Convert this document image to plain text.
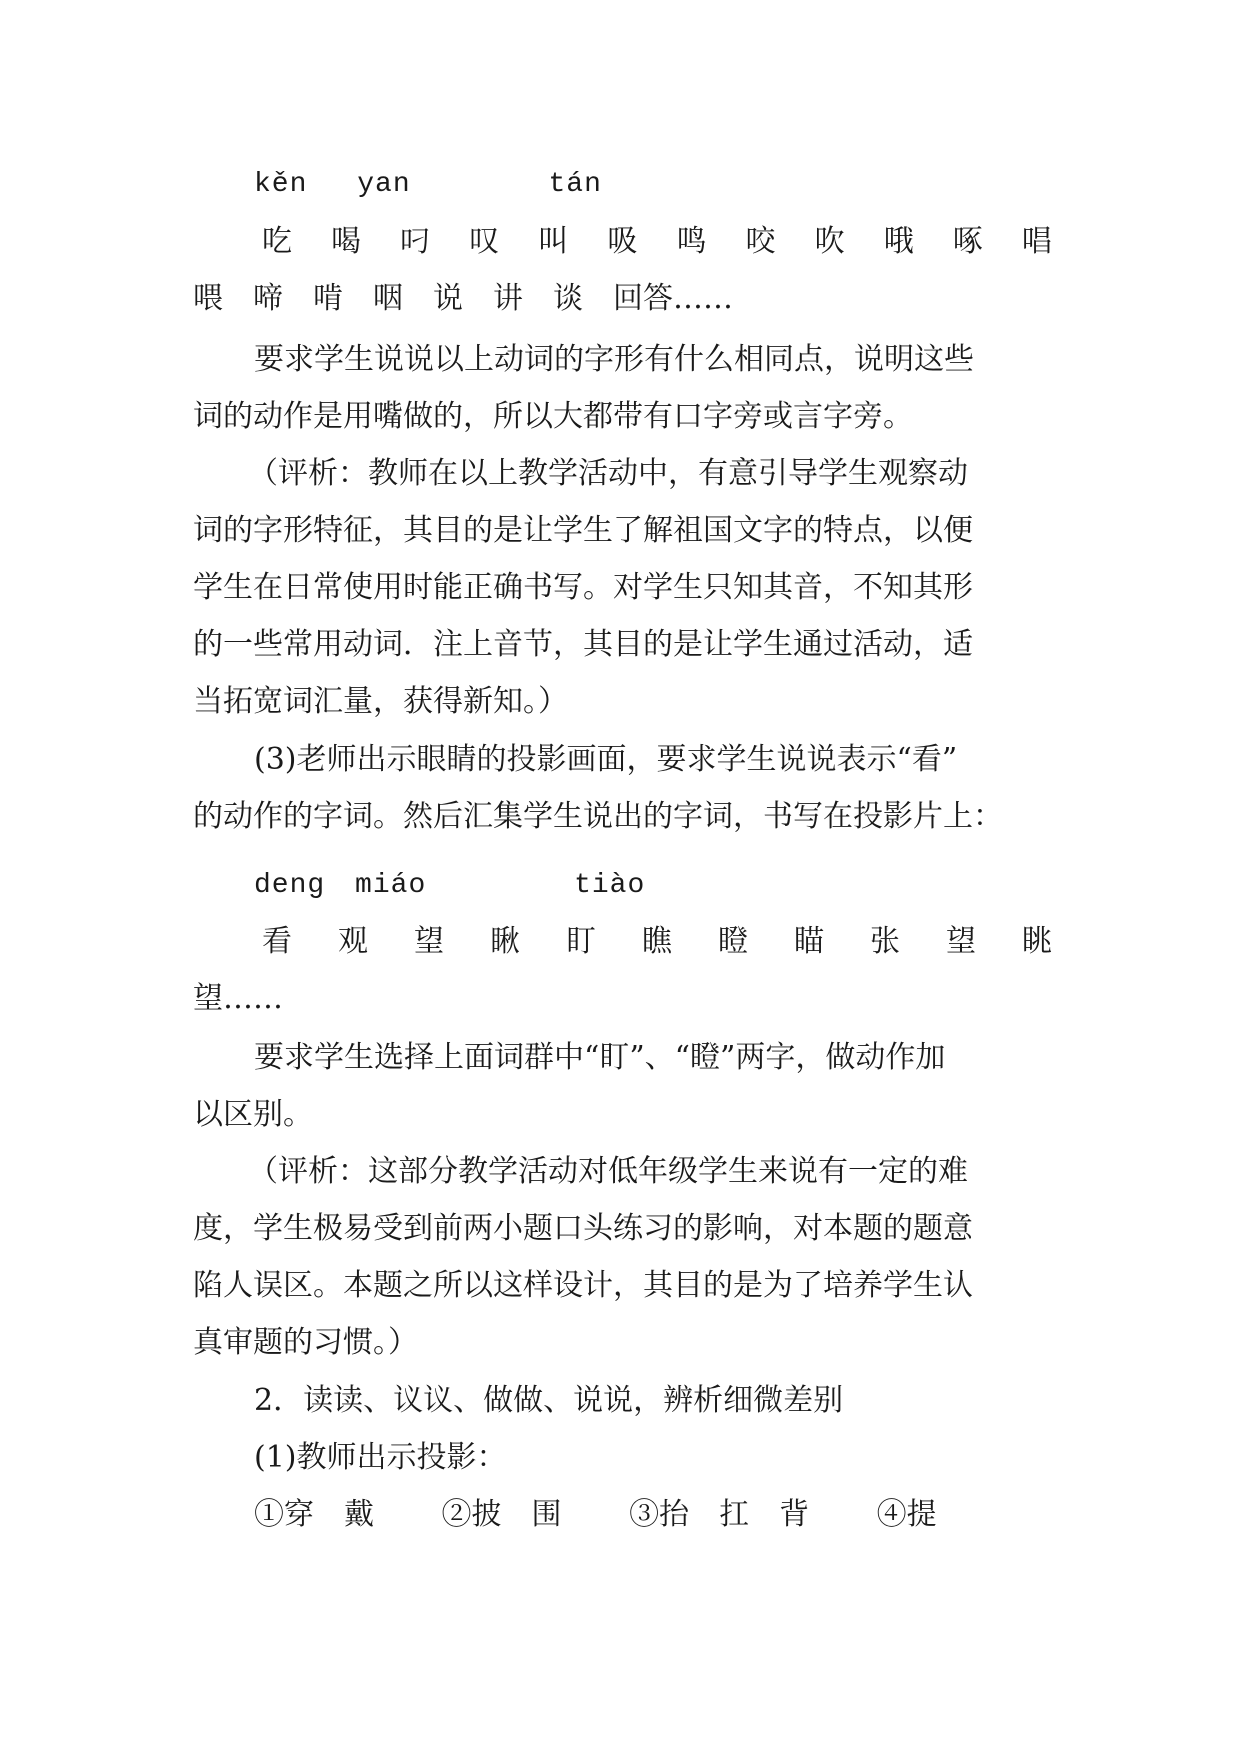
kěn yan	tán
吃 喝 叼 叹 叫 吸 鸣 咬 吹 哦 啄 唱
喂　啼　啃　咽　说　讲　谈　回答……
要求学生说说以上动词的字形有什么相同点，说明这些
词的动作是用嘴做的，所以大都带有口字旁或言字旁。
（评析：教师在以上教学活动中，有意引导学生观察动
词的字形特征，其目的是让学生了解祖国文字的特点，以便
学生在日常使用时能正确书写。对学生只知其音，不知其形
的一些常用动词．注上音节，其目的是让学生通过活动，适
当拓宽词汇量，获得新知。）
(3)老师出示眼睛的投影画面，要求学生说说表示“看”
的动作的字词。然后汇集学生说出的字词，书写在投影片上：
deng miáo	tiào
看 观 望 瞅 盯 瞧 瞪 瞄 张 望 眺
望……
要求学生选择上面词群中“盯”、“瞪”两字，做动作加
以区别。
（评析：这部分教学活动对低年级学生来说有一定的难
度，学生极易受到前两小题口头练习的影响，对本题的题意
陷人误区。本题之所以这样设计，其目的是为了培养学生认
真审题的习惯。）
2．读读、议议、做做、说说，辨析细微差别
(1)教师出示投影：
①穿　戴 ②披　围 ③抬　扛　背 ④提
